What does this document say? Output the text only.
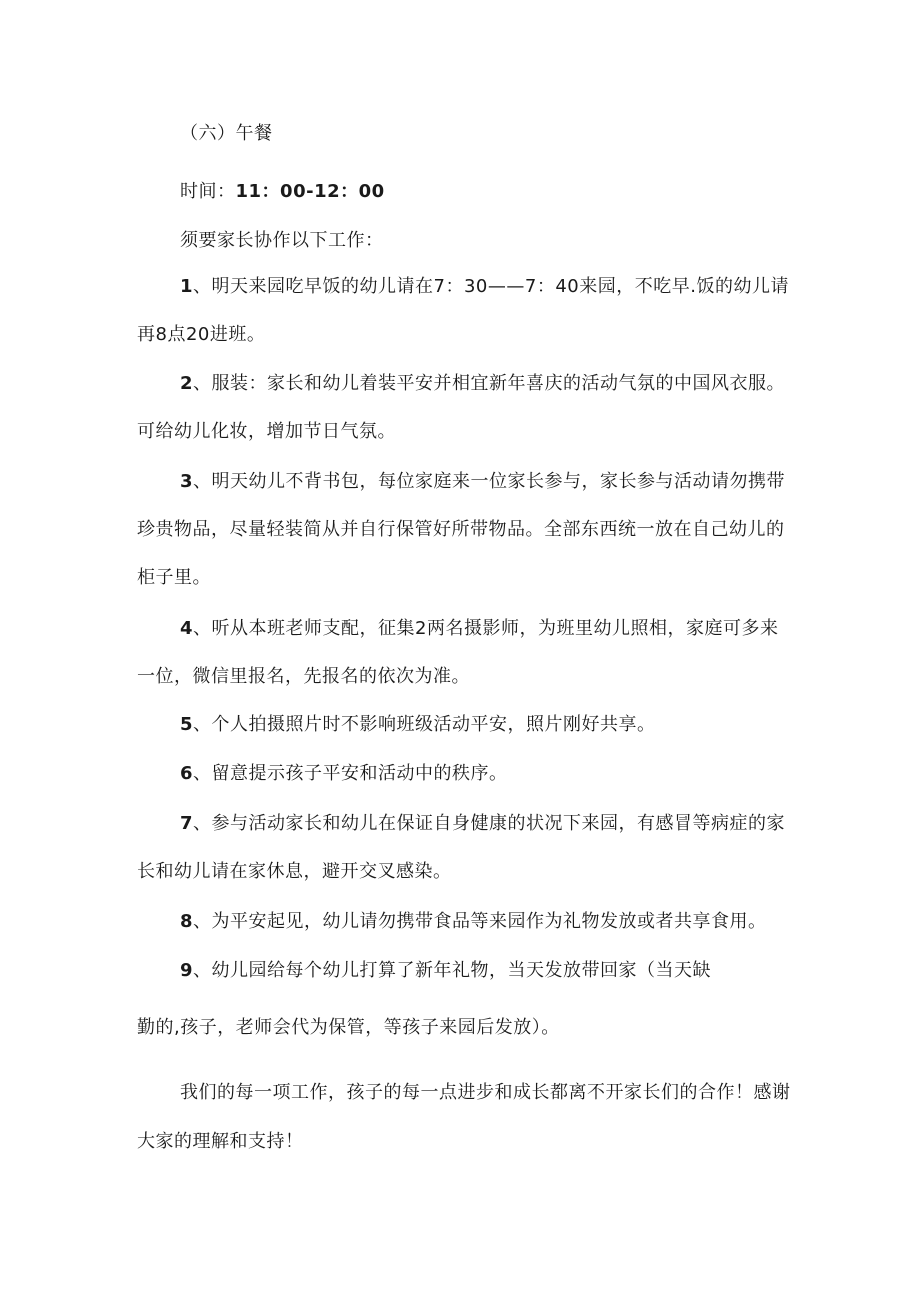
（六）午餐
时间：11：00-12：00
须要家长协作以下工作：
1、明天来园吃早饭的幼儿请在7：30——7：40来园，不吃早.饭的幼儿请
再8点20进班。
2、服装：家长和幼儿着装平安并相宜新年喜庆的活动气氛的中国风衣服。
可给幼儿化妆，增加节日气氛。
3、明天幼儿不背书包，每位家庭来一位家长参与，家长参与活动请勿携带
珍贵物品，尽量轻装简从并自行保管好所带物品。全部东西统一放在自己幼儿的
柜子里。
4、听从本班老师支配，征集2两名摄影师，为班里幼儿照相，家庭可多来
一位，微信里报名，先报名的依次为准。
5、个人拍摄照片时不影响班级活动平安，照片刚好共享。
6、留意提示孩子平安和活动中的秩序。
7、参与活动家长和幼儿在保证自身健康的状况下来园，有感冒等病症的家
长和幼儿请在家休息，避开交叉感染。
8、为平安起见，幼儿请勿携带食品等来园作为礼物发放或者共享食用。
9、幼儿园给每个幼儿打算了新年礼物，当天发放带回家（当天缺
勤的,孩子，老师会代为保管，等孩子来园后发放）。
我们的每一项工作，孩子的每一点进步和成长都离不开家长们的合作！感谢
大家的理解和支持！
